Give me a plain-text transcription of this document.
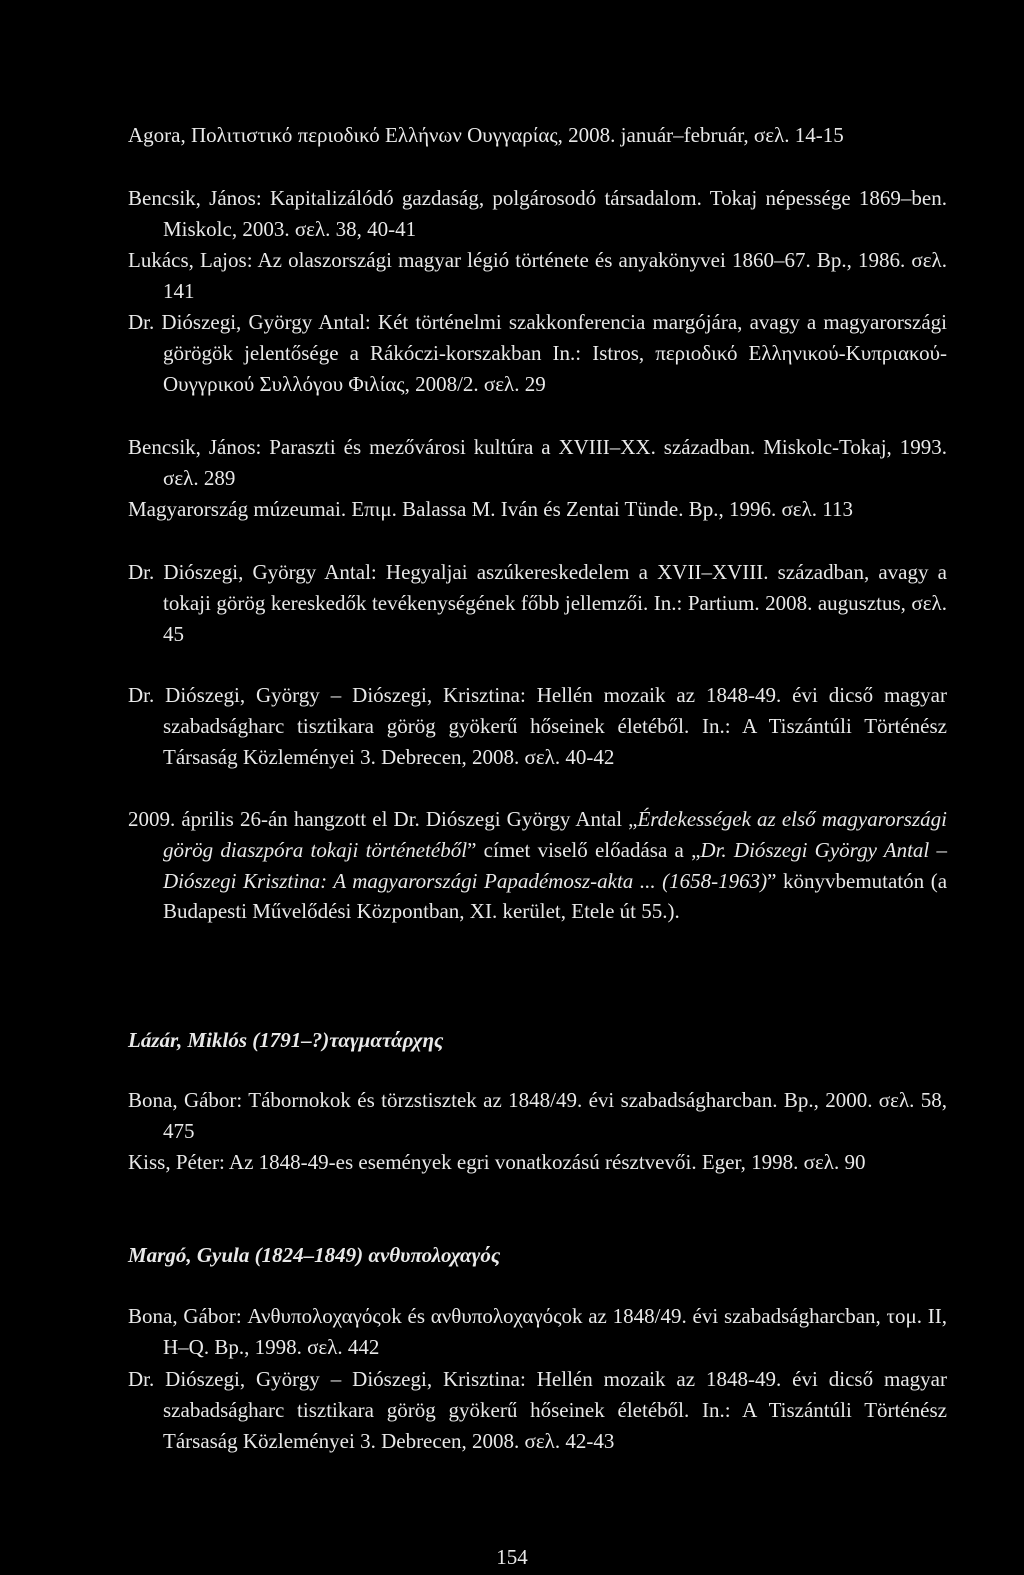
Agora, Πολιτιστικό περιοδικό Ελλήνων Ουγγαρίας, 2008. január–február, σελ. 14-15

Bencsik, János: Kapitalizálódó gazdaság, polgárosodó társadalom. Tokaj népessége 1869–ben. Miskolc, 2003. σελ. 38, 40-41

Lukács, Lajos: Az olaszországi magyar légió története és anyakönyvei 1860–67. Bp., 1986. σελ. 141

Dr. Diószegi, György Antal: Két történelmi szakkonferencia margójára, avagy a magyarországi görögök jelentősége a Rákóczi-korszakban In.: Istros, περιοδικό Ελληνικού-Κυπριακού-Ουγγρικού Συλλόγου Φιλίας, 2008/2. σελ. 29

Bencsik, János: Paraszti és mezővárosi kultúra a XVIII–XX. században. Miskolc-Tokaj, 1993. σελ. 289

Magyarország múzeumai. Επιμ. Balassa M. Iván és Zentai Tünde. Bp., 1996. σελ. 113

Dr. Diószegi, György Antal: Hegyaljai aszúkereskedelem a XVII–XVIII. században, avagy a tokaji görög kereskedők tevékenységének főbb jellemzői. In.: Partium. 2008. augusztus, σελ. 45

Dr. Diószegi, György – Diószegi, Krisztina: Hellén mozaik az 1848-49. évi dicső magyar szabadságharc tisztikara görög gyökerű hőseinek életéből. In.: A Tiszántúli Történész Társaság Közleményei 3. Debrecen, 2008. σελ. 40-42

2009. április 26-án hangzott el Dr. Diószegi György Antal „Érdekességek az első magyarországi görög diaszpóra tokaji történetéből” címet viselő előadása a „Dr. Diószegi György Antal – Diószegi Krisztina: A magyarországi Papadémosz-akta ... (1658-1963)” könyvbemutatón (a Budapesti Művelődési Központban, XI. kerület, Etele út 55.).

Lázár, Miklós (1791–?)ταγματάρχης

Bona, Gábor: Tábornokok és törzstisztek az 1848/49. évi szabadságharcban. Bp., 2000. σελ. 58, 475

Kiss, Péter: Az 1848-49-es események egri vonatkozású résztvevői. Eger, 1998. σελ. 90

Margó, Gyula (1824–1849) ανθυπολοχαγός

Bona, Gábor: Ανθυπολοχαγόςok és ανθυπολοχαγόςok az 1848/49. évi szabadságharcban, τομ. II, H–Q. Bp., 1998. σελ. 442

Dr. Diószegi, György – Diószegi, Krisztina: Hellén mozaik az 1848-49. évi dicső magyar szabadságharc tisztikara görög gyökerű hőseinek életéből. In.: A Tiszántúli Történész Társaság Közleményei 3. Debrecen, 2008. σελ. 42-43

154
